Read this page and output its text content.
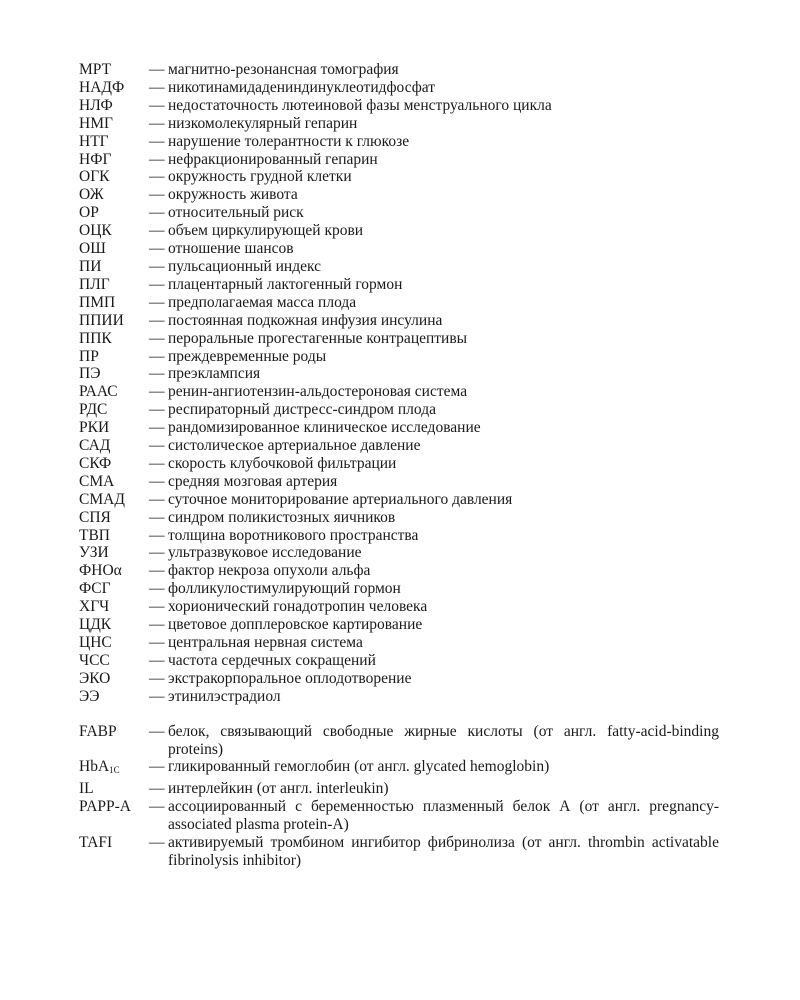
МРТ	— магнитно-резонансная томография
НАДФ	— никотинамидадениндинуклеотидфосфат
НЛФ	— недостаточность лютеиновой фазы менструального цикла
НМГ	— низкомолекулярный гепарин
НТГ	— нарушение толерантности к глюкозе
НФГ	— нефракционированный гепарин
ОГК	— окружность грудной клетки
ОЖ	— окружность живота
ОР	— относительный риск
ОЦК	— объем циркулирующей крови
ОШ	— отношение шансов
ПИ	— пульсационный индекс
ПЛГ	— плацентарный лактогенный гормон
ПМП	— предполагаемая масса плода
ППИИ	— постоянная подкожная инфузия инсулина
ППК	— пероральные прогестагенные контрацептивы
ПР	— преждевременные роды
ПЭ	— преэклампсия
РААС	— ренин-ангиотензин-альдостероновая система
РДС	— респираторный дистресс-синдром плода
РКИ	— рандомизированное клиническое исследование
САД	— систолическое артериальное давление
СКФ	— скорость клубочковой фильтрации
СМА	— средняя мозговая артерия
СМАД	— суточное мониторирование артериального давления
СПЯ	— синдром поликистозных яичников
ТВП	— толщина воротникового пространства
УЗИ	— ультразвуковое исследование
ФНОα	— фактор некроза опухоли альфа
ФСГ	— фолликулостимулирующий гормон
ХГЧ	— хорионический гонадотропин человека
ЦДК	— цветовое допплеровское картирование
ЦНС	— центральная нервная система
ЧСС	— частота сердечных сокращений
ЭКО	— экстракорпоральное оплодотворение
ЭЭ	— этинилэстрадиол
FABP	— белок, связывающий свободные жирные кислоты (от англ. fatty-acid-binding proteins)
HbA$_{1C}$	— гликированный гемоглобин (от англ. glycated hemoglobin)
IL	— интерлейкин (от англ. interleukin)
PAPP-A	— ассоциированный с беременностью плазменный белок А (от англ. pregnancy-associated plasma protein-A)
TAFI	— активируемый тромбином ингибитор фибринолиза (от англ. thrombin activatable fibrinolysis inhibitor)
